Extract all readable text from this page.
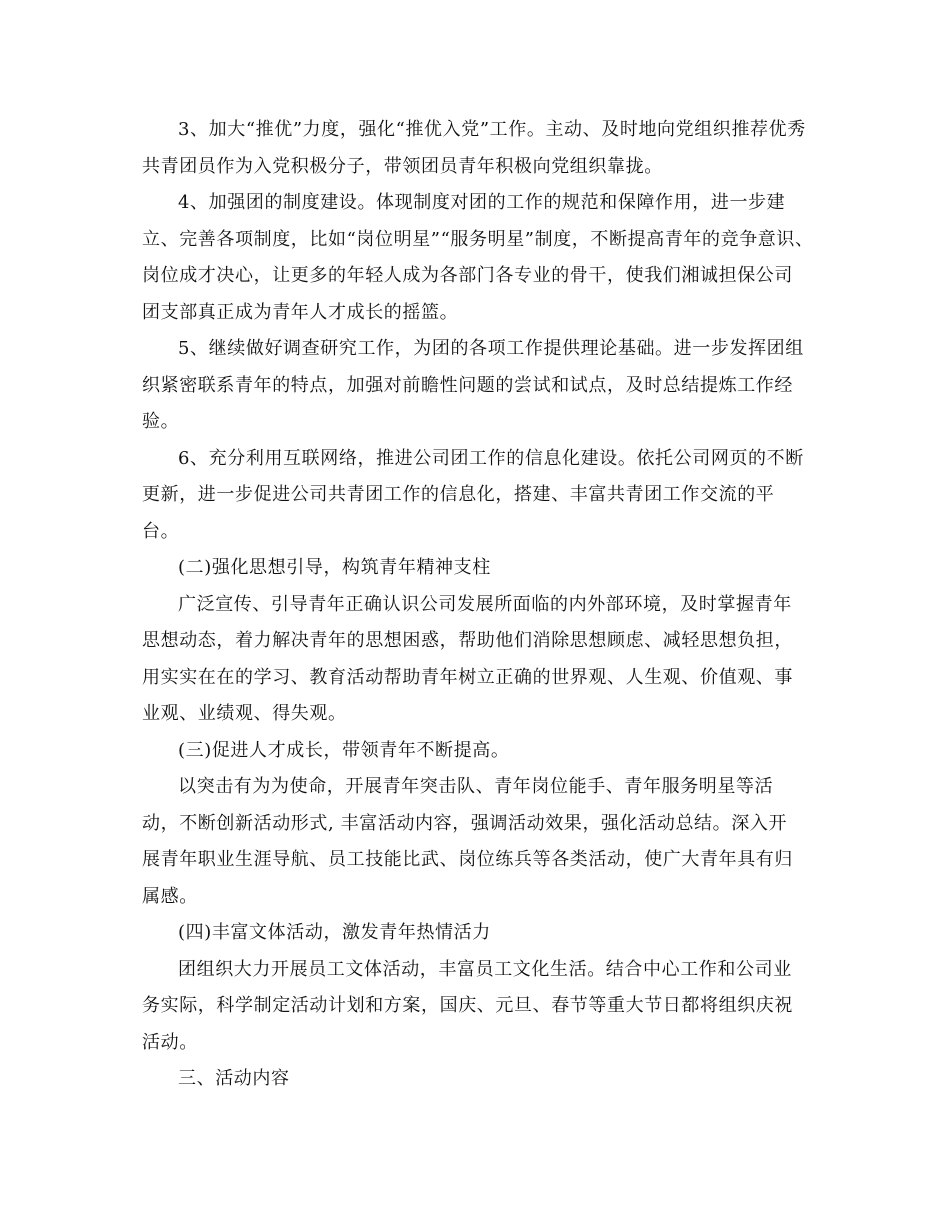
3、加大“推优”力度，强化“推优入党”工作。主动、及时地向党组织推荐优秀
共青团员作为入党积极分子，带领团员青年积极向党组织靠拢。
4、加强团的制度建设。体现制度对团的工作的规范和保障作用，进一步建
立、完善各项制度，比如“岗位明星”“服务明星”制度，不断提高青年的竞争意识、
岗位成才决心，让更多的年轻人成为各部门各专业的骨干，使我们湘诚担保公司
团支部真正成为青年人才成长的摇篮。
5、继续做好调查研究工作，为团的各项工作提供理论基础。进一步发挥团组
织紧密联系青年的特点，加强对前瞻性问题的尝试和试点，及时总结提炼工作经
验。
6、充分利用互联网络，推进公司团工作的信息化建设。依托公司网页的不断
更新，进一步促进公司共青团工作的信息化，搭建、丰富共青团工作交流的平
台。
(二)强化思想引导，构筑青年精神支柱
广泛宣传、引导青年正确认识公司发展所面临的内外部环境，及时掌握青年
思想动态，着力解决青年的思想困惑，帮助他们消除思想顾虑、减轻思想负担，
用实实在在的学习、教育活动帮助青年树立正确的世界观、人生观、价值观、事
业观、业绩观、得失观。
(三)促进人才成长，带领青年不断提高。
以突击有为为使命，开展青年突击队、青年岗位能手、青年服务明星等活
动，不断创新活动形式, 丰富活动内容，强调活动效果，强化活动总结。深入开
展青年职业生涯导航、员工技能比武、岗位练兵等各类活动，使广大青年具有归
属感。
(四)丰富文体活动，激发青年热情活力
团组织大力开展员工文体活动，丰富员工文化生活。结合中心工作和公司业
务实际，科学制定活动计划和方案，国庆、元旦、春节等重大节日都将组织庆祝
活动。
三、活动内容
